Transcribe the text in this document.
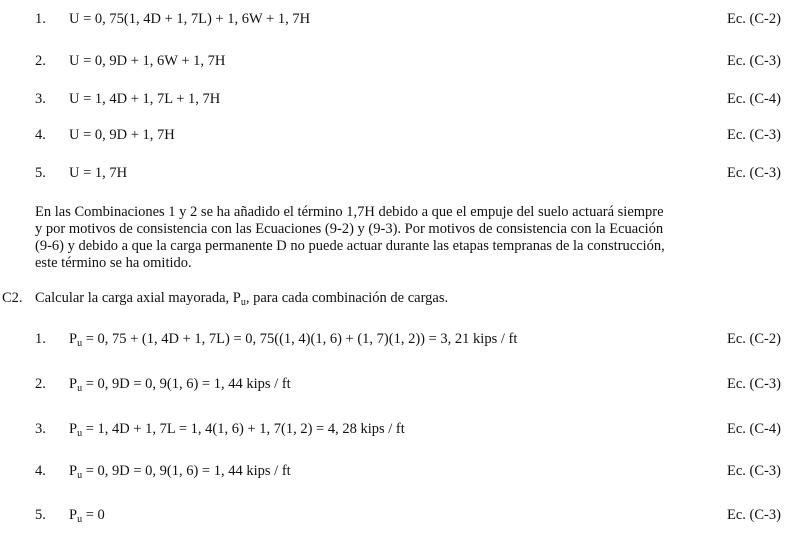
1. U = 0, 75(1, 4D + 1, 7L) + 1, 6W + 1, 7H	Ec. (C-2)
2. U = 0, 9D + 1, 6W + 1, 7H	Ec. (C-3)
3. U = 1, 4D + 1, 7L + 1, 7H	Ec. (C-4)
4. U = 0, 9D + 1, 7H	Ec. (C-3)
5. U = 1, 7H	Ec. (C-3)
En las Combinaciones 1 y 2 se ha añadido el término 1,7H debido a que el empuje del suelo actuará siempre
y por motivos de consistencia con las Ecuaciones (9-2) y (9-3). Por motivos de consistencia con la Ecuación
(9-6) y debido a que la carga permanente D no puede actuar durante las etapas tempranas de la construcción,
este término se ha omitido.
C2. Calcular la carga axial mayorada, $P_u$, para cada combinación de cargas.
1. $P_u = 0$, 75 + (1, 4D + 1, 7L) = 0, 75((1, 4)(1, 6) + (1, 7)(1, 2)) = 3, 21 kips / ft	Ec. (C-2)
2. $P_u = 0$, 9D = 0, 9(1, 6) = 1, 44 kips / ft	Ec. (C-3)
3. $P_u = 1$, 4D + 1, 7L = 1, 4(1, 6) + 1, 7(1, 2) = 4, 28 kips / ft	Ec. (C-4)
4. $P_u = 0$, 9D = 0, 9(1, 6) = 1, 44 kips / ft	Ec. (C-3)
5. $P_u = 0$	Ec. (C-3)
